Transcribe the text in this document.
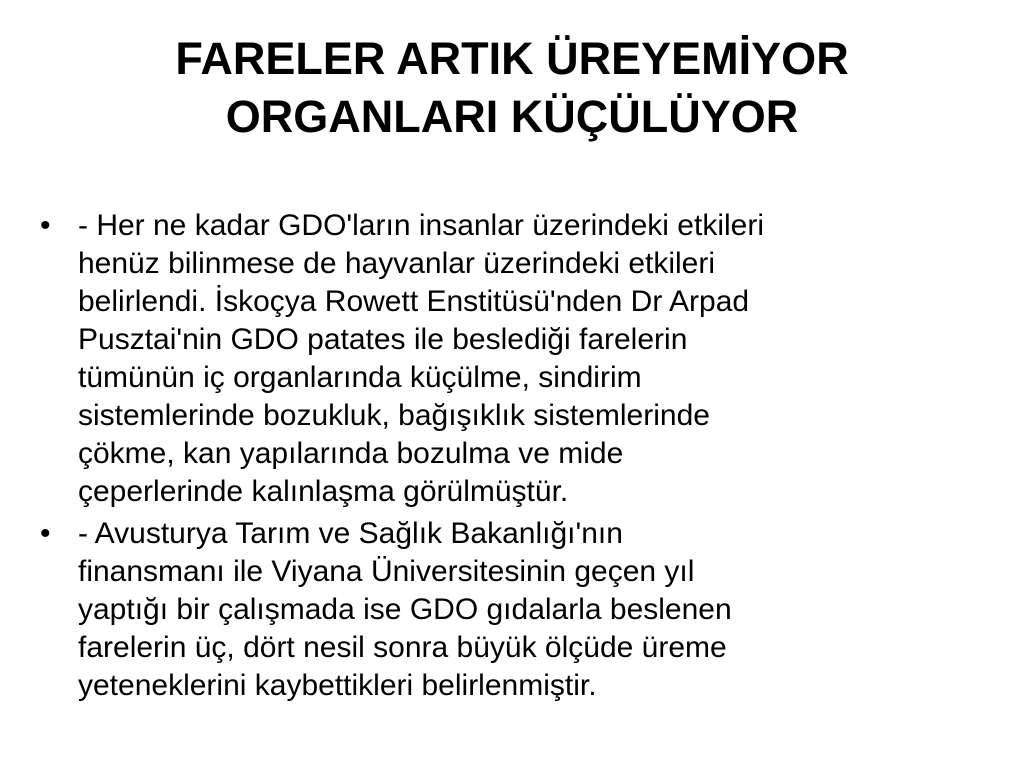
FARELER ARTIK ÜREYEMİYOR
ORGANLARI KÜÇÜLÜYOR
• - Her ne kadar GDO'ların insanlar üzerindeki etkileri
henüz bilinmese de hayvanlar üzerindeki etkileri
belirlendi. İskoçya Rowett Enstitüsü'nden Dr Arpad
Pusztai'nin GDO patates ile beslediği farelerin
tümünün iç organlarında küçülme, sindirim
sistemlerinde bozukluk, bağışıklık sistemlerinde
çökme, kan yapılarında bozulma ve mide
çeperlerinde kalınlaşma görülmüştür.
• - Avusturya Tarım ve Sağlık Bakanlığı'nın
finansmanı ile Viyana Üniversitesinin geçen yıl
yaptığı bir çalışmada ise GDO gıdalarla beslenen
farelerin üç, dört nesil sonra büyük ölçüde üreme
yeteneklerini kaybettikleri belirlenmiştir.
